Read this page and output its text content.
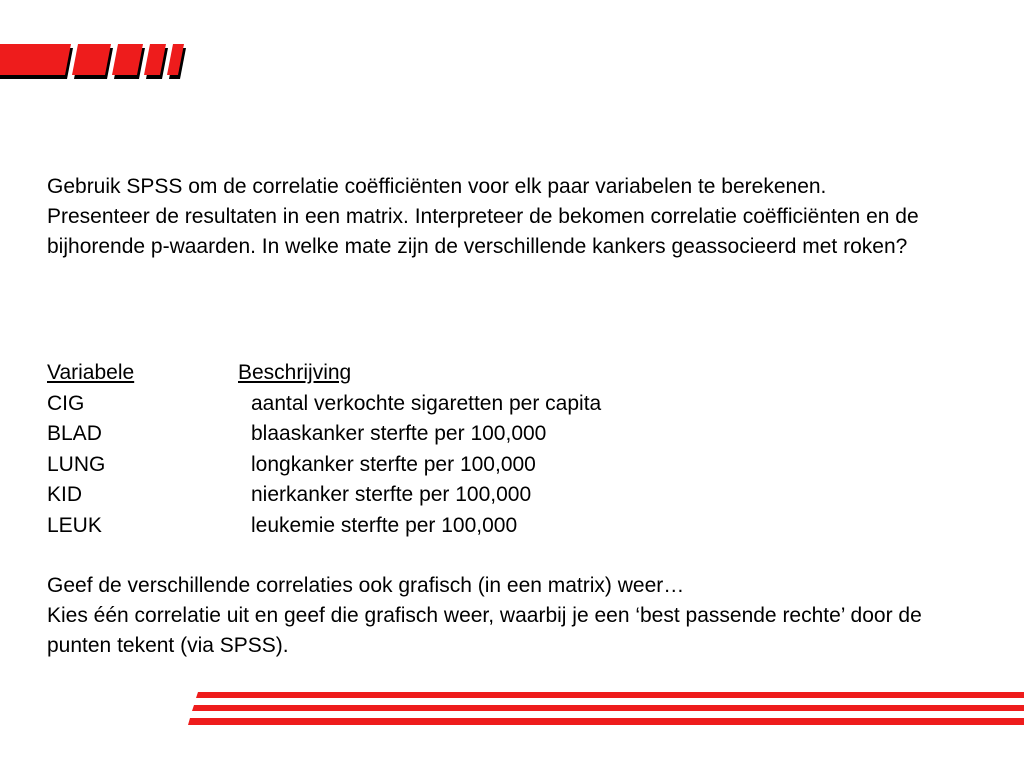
Gebruik SPSS om de correlatie coëfficiënten voor elk paar variabelen te berekenen. Presenteer de resultaten in een matrix. Interpreteer de bekomen correlatie coëfficiënten en de bijhorende p-waarden. In welke mate zijn de verschillende kankers geassocieerd met roken?

Variabele	Beschrijving
CIG	aantal verkochte sigaretten per capita
BLAD	blaaskanker sterfte per 100,000
LUNG	longkanker sterfte per 100,000
KID	nierkanker sterfte per 100,000
LEUK	leukemie sterfte per 100,000

Geef de verschillende correlaties ook grafisch (in een matrix) weer…

Kies één correlatie uit en geef die grafisch weer, waarbij je een ‘best passende rechte’ door de punten tekent (via SPSS).
